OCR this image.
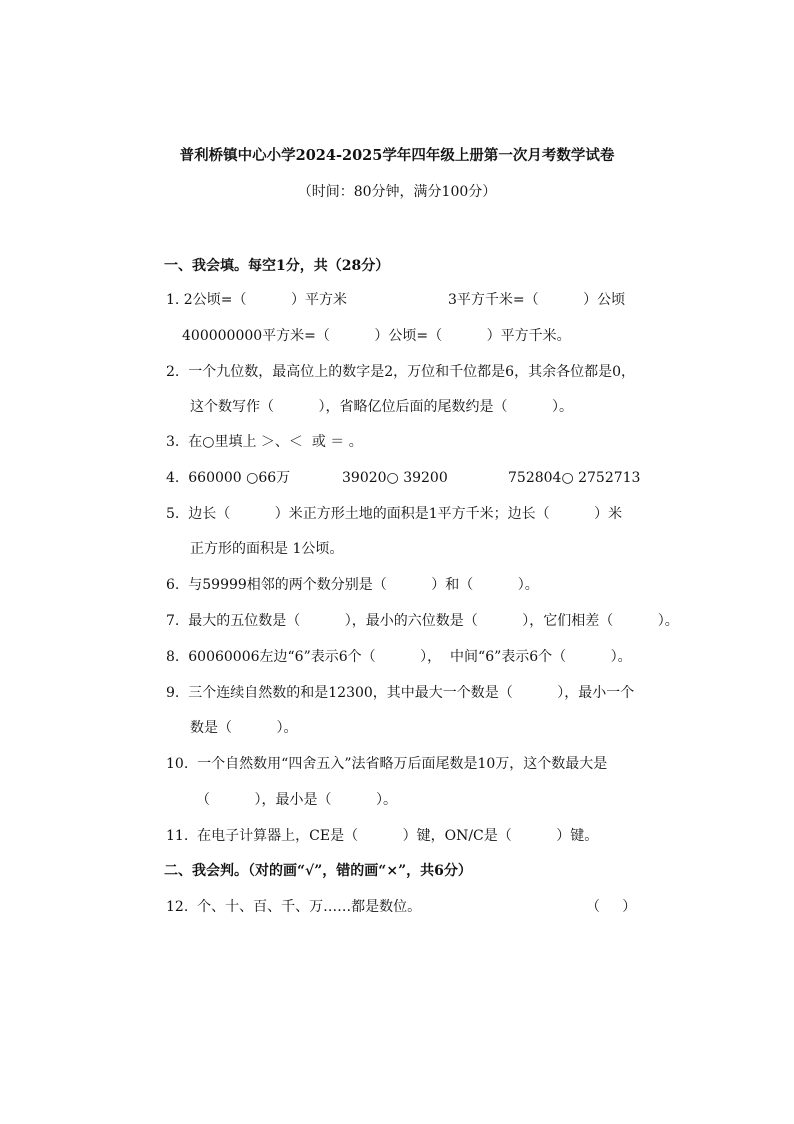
普利桥镇中心小学2024-2025学年四年级上册第一次月考数学试卷
（时间：80分钟，满分100分）
一、我会填。每空1分，共（28分）
1. 2公顷=（          ）平方米	3平方千米=（          ）公顷
400000000平方米=（          ）公顷=（          ）平方千米。
2.  一个九位数，最高位上的数字是2，万位和千位都是6，其余各位都是0，
这个数写作（          ），省略亿位后面的尾数约是（          ）。
3.  在○里填上 ＞、＜  或 ＝ 。
4.  660000 ○66万	39020○ 39200	752804○ 2752713
5.  边长（          ）米正方形土地的面积是1平方千米；边长（          ）米
正方形的面积是 1公顷。
6.  与59999相邻的两个数分别是（          ）和（          ）。
7.  最大的五位数是（          ），最小的六位数是（          ），它们相差（          ）。
8.  60060006左边“6”表示6个（          ），  中间“6”表示6个（          ）。
9.  三个连续自然数的和是12300，其中最大一个数是（          ），最小一个
数是（          ）。
10.  一个自然数用“四舍五入”法省略万后面尾数是10万，这个数最大是
（          ），最小是（          ）。
11.  在电子计算器上，CE是（          ）键，ON/C是（          ）键。
二、我会判。（对的画“√”，错的画“×”，共6分）
12.  个、十、百、千、万……都是数位。	（     ）
